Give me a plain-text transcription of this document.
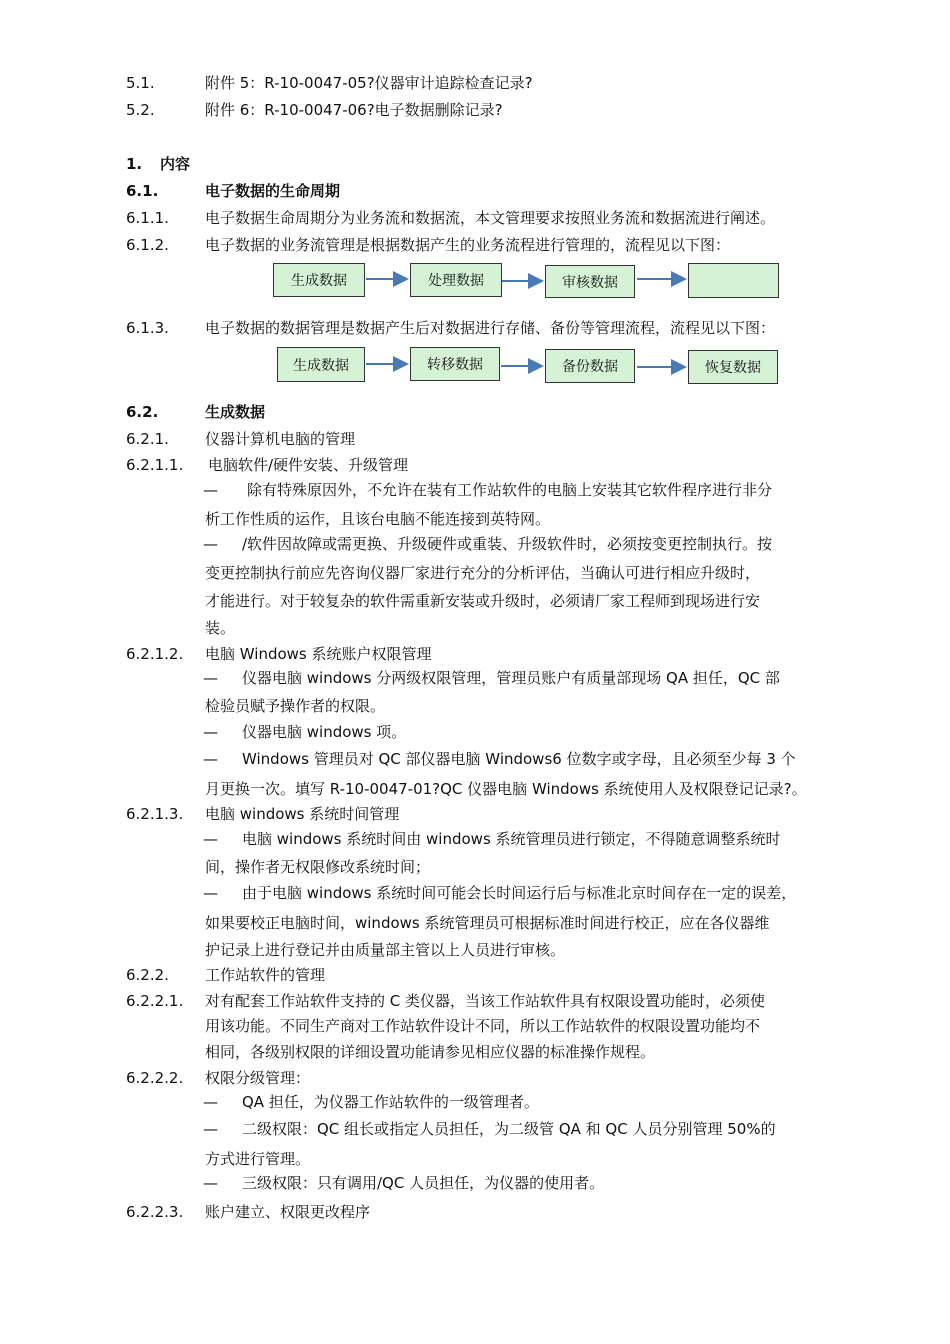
5.1.	附件 5：R-10-0047-05?仪器审计追踪检查记录?
5.2.	附件 6：R-10-0047-06?电子数据删除记录?
1. 内容
6.1.	电子数据的生命周期
6.1.1. 电子数据生命周期分为业务流和数据流，本文管理要求按照业务流和数据流进行阐述。
6.1.2. 电子数据的业务流管理是根据数据产生的业务流程进行管理的，流程见以下图：
生成数据	处理数据	审核数据
6.1.3. 电子数据的数据管理是数据产生后对数据进行存储、备份等管理流程，流程见以下图：
生成数据	转移数据	备份数据	恢复数据
6.2.	生成数据
6.2.1. 仪器计算机电脑的管理
6.2.1.1. 电脑软件/硬件安装、升级管理
— 除有特殊原因外，不允许在装有工作站软件的电脑上安装其它软件程序进行非分
析工作性质的运作，且该台电脑不能连接到英特网。
— /软件因故障或需更换、升级硬件或重装、升级软件时，必须按变更控制执行。按
变更控制执行前应先咨询仪器厂家进行充分的分析评估，当确认可进行相应升级时，
才能进行。对于较复杂的软件需重新安装或升级时，必须请厂家工程师到现场进行安
装。
6.2.1.2. 电脑 Windows 系统账户权限管理
— 仪器电脑 windows 分两级权限管理，管理员账户有质量部现场 QA 担任，QC 部
检验员赋予操作者的权限。
— 仪器电脑 windows 项。
— Windows 管理员对 QC 部仪器电脑 Windows6 位数字或字母，且必须至少每 3 个
月更换一次。填写 R-10-0047-01?QC 仪器电脑 Windows 系统使用人及权限登记记录?。
6.2.1.3. 电脑 windows 系统时间管理
— 电脑 windows 系统时间由 windows 系统管理员进行锁定，不得随意调整系统时
间，操作者无权限修改系统时间；
— 由于电脑 windows 系统时间可能会长时间运行后与标准北京时间存在一定的误差，
如果要校正电脑时间，windows 系统管理员可根据标准时间进行校正，应在各仪器维
护记录上进行登记并由质量部主管以上人员进行审核。
6.2.2. 工作站软件的管理
6.2.2.1. 对有配套工作站软件支持的 C 类仪器，当该工作站软件具有权限设置功能时，必须使
用该功能。不同生产商对工作站软件设计不同，所以工作站软件的权限设置功能均不
相同，各级别权限的详细设置功能请参见相应仪器的标准操作规程。
6.2.2.2. 权限分级管理：
— QA 担任，为仪器工作站软件的一级管理者。
— 二级权限：QC 组长或指定人员担任，为二级管 QA 和 QC 人员分别管理 50%的
方式进行管理。
— 三级权限：只有调用/QC 人员担任，为仪器的使用者。
6.2.2.3. 账户建立、权限更改程序
